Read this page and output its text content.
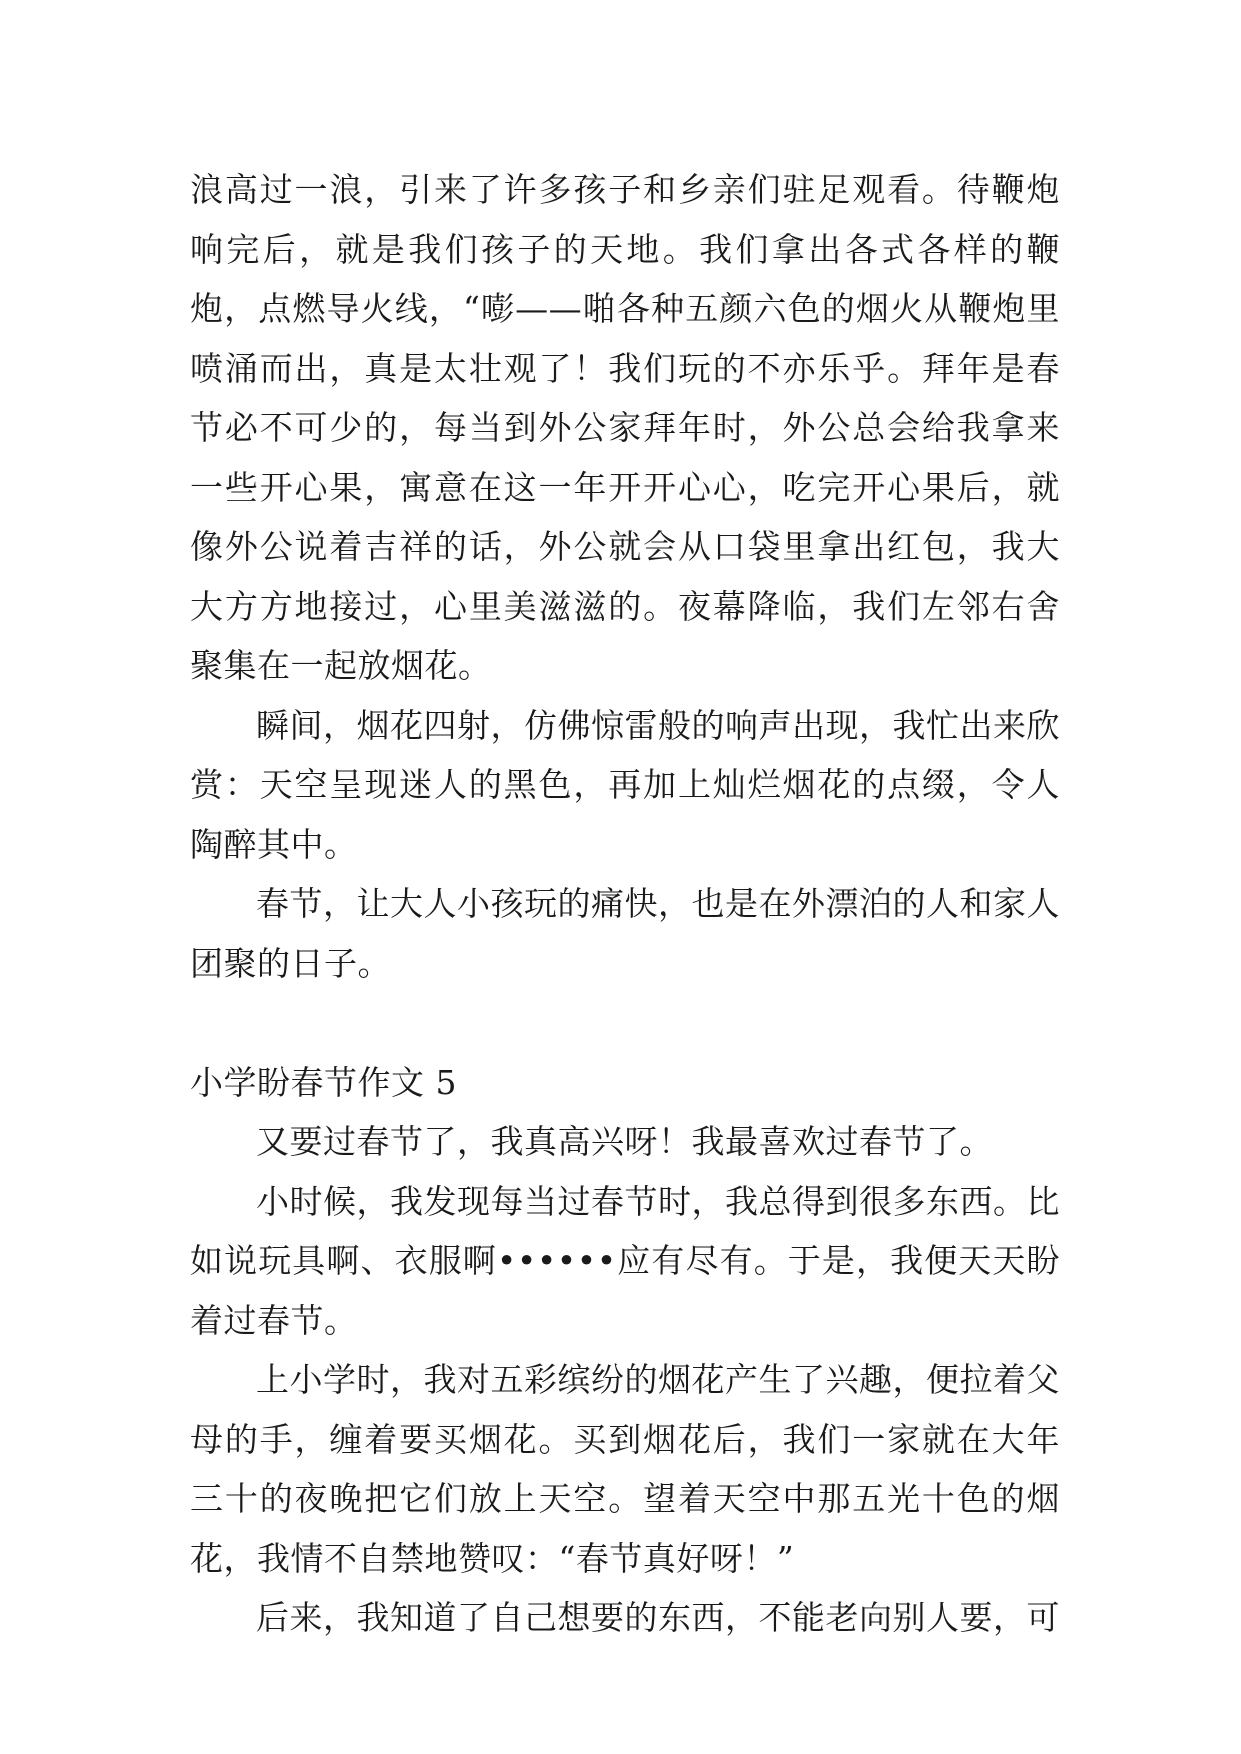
浪高过一浪，引来了许多孩子和乡亲们驻足观看。待鞭炮响完后，就是我们孩子的天地。我们拿出各式各样的鞭炮，点燃导火线，“嘭——啪各种五颜六色的烟火从鞭炮里喷涌而出，真是太壮观了！我们玩的不亦乐乎。拜年是春节必不可少的，每当到外公家拜年时，外公总会给我拿来一些开心果，寓意在这一年开开心心，吃完开心果后，就像外公说着吉祥的话，外公就会从口袋里拿出红包，我大大方方地接过，心里美滋滋的。夜幕降临，我们左邻右舍聚集在一起放烟花。

瞬间，烟花四射，仿佛惊雷般的响声出现，我忙出来欣赏：天空呈现迷人的黑色，再加上灿烂烟花的点缀，令人陶醉其中。

春节，让大人小孩玩的痛快，也是在外漂泊的人和家人团聚的日子。

小学盼春节作文 5

又要过春节了，我真高兴呀！我最喜欢过春节了。

小时候，我发现每当过春节时，我总得到很多东西。比如说玩具啊、衣服啊••••••应有尽有。于是，我便天天盼着过春节。

上小学时，我对五彩缤纷的烟花产生了兴趣，便拉着父母的手，缠着要买烟花。买到烟花后，我们一家就在大年三十的夜晚把它们放上天空。望着天空中那五光十色的烟花，我情不自禁地赞叹：“春节真好呀！”

后来，我知道了自己想要的东西，不能老向别人要，可
